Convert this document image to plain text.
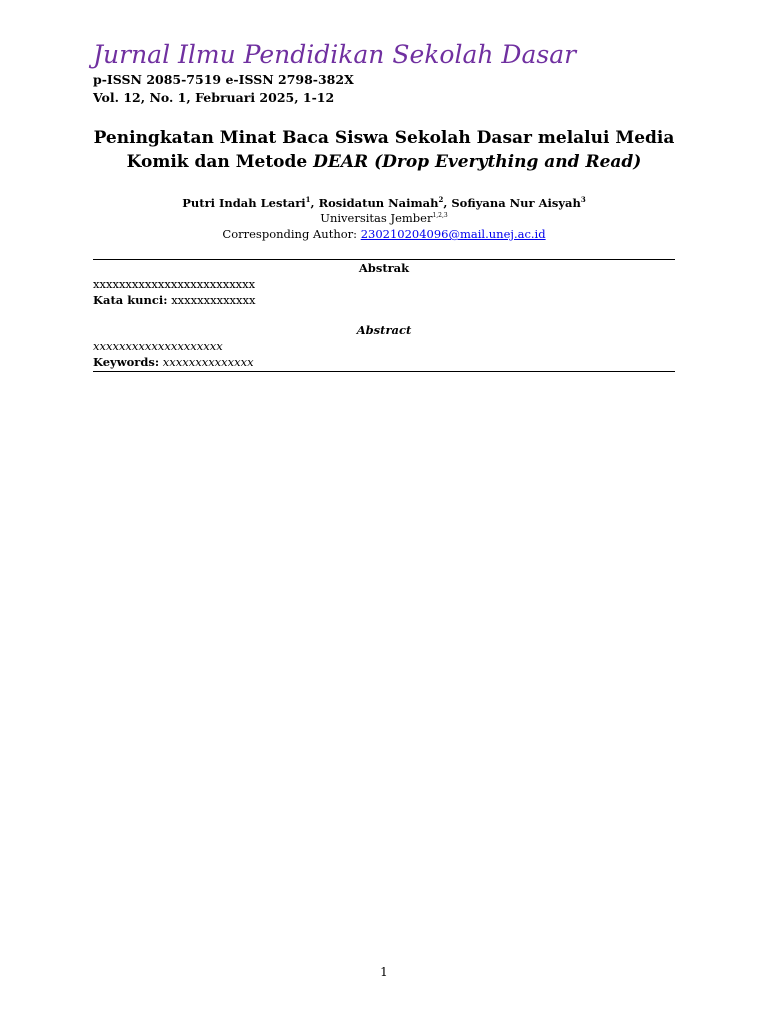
Jurnal Ilmu Pendidikan Sekolah Dasar
p-ISSN 2085-7519 e-ISSN 2798-382X
Vol. 12, No. 1, Februari 2025, 1-12
Peningkatan Minat Baca Siswa Sekolah Dasar melalui Media Komik dan Metode DEAR (Drop Everything and Read)
Putri Indah Lestari$^1$, Rosidatun Naimah$^2$, Sofiyana Nur Aisyah$^3$
Universitas Jember$^{1,2,3}$
Corresponding Author: 230210204096@mail.unej.ac.id
Abstrak
xxxxxxxxxxxxxxxxxxxxxxxxx
Kata kunci: xxxxxxxxxxxxx
Abstract
xxxxxxxxxxxxxxxxxxxx
Keywords: xxxxxxxxxxxxxx
1
